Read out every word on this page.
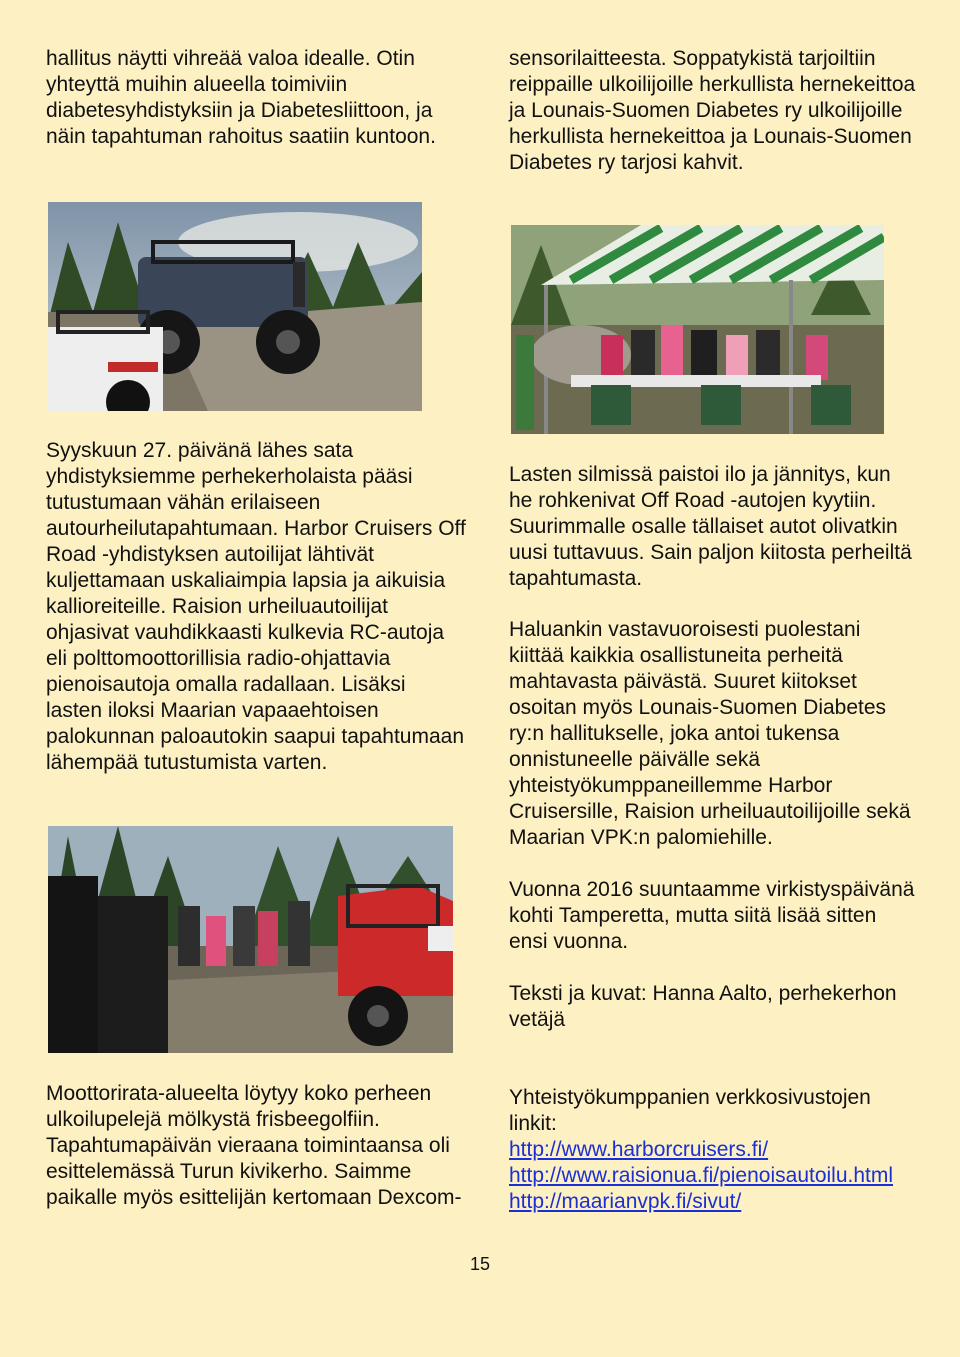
hallitus näytti vihreää valoa idealle. Otin yhteyttä muihin alueella toimiviin diabetesyhdistyksiin ja Diabetesliittoon, ja näin tapahtuman rahoitus saatiin kuntoon.

sensorilaitteesta. Soppatykistä tarjoiltiin reippaille ulkoilijoille herkullista hernekeittoa ja Lounais-Suomen Diabetes ry ulkoilijoille herkullista hernekeittoa ja Lounais-Suomen Diabetes ry tarjosi kahvit.

Syyskuun 27. päivänä lähes sata yhdistyksiemme perhekerholaista pääsi tutustumaan vähän erilaiseen autourheilutapahtumaan. Harbor Cruisers Off Road -yhdistyksen autoilijat lähtivät kuljettamaan uskaliaimpia lapsia ja aikuisia kallioreiteille. Raision urheiluautoilijat ohjasivat vauhdikkaasti kulkevia RC-autoja eli polttomoottorillisia radio-ohjattavia pienoisautoja omalla radallaan. Lisäksi lasten iloksi Maarian vapaaehtoisen palokunnan paloautokin saapui tapahtumaan lähempää tutustumista varten.

Lasten silmissä paistoi ilo ja jännitys, kun he rohkenivat Off Road -autojen kyytiin. Suurimmalle osalle tällaiset autot olivatkin uusi tuttavuus. Sain paljon kiitosta perheiltä tapahtumasta.

Haluankin vastavuoroisesti puolestani kiittää kaikkia osallistuneita perheitä mahtavasta päivästä. Suuret kiitokset osoitan myös Lounais-Suomen Diabetes ry:n hallitukselle, joka antoi tukensa onnistuneelle päivälle sekä yhteistyökumppaneillemme Harbor Cruisersille, Raision urheiluautoilijoille sekä Maarian VPK:n palomiehille.

Vuonna 2016 suuntaamme virkistyspäivänä kohti Tamperetta, mutta siitä lisää sitten ensi vuonna.

Teksti ja kuvat: Hanna Aalto, perhekerhon vetäjä

Moottorirata-alueelta löytyy koko perheen ulkoilupelejä mölkystä frisbeegolfiin. Tapahtumapäivän vieraana toimintaansa oli esittelemässä Turun kivikerho. Saimme paikalle myös esittelijän kertomaan Dexcom-

Yhteistyökumppanien verkkosivustojen linkit:

http://www.harborcruisers.fi/
http://www.raisionua.fi/pienoisautoilu.html
http://maarianvpk.fi/sivut/
15
